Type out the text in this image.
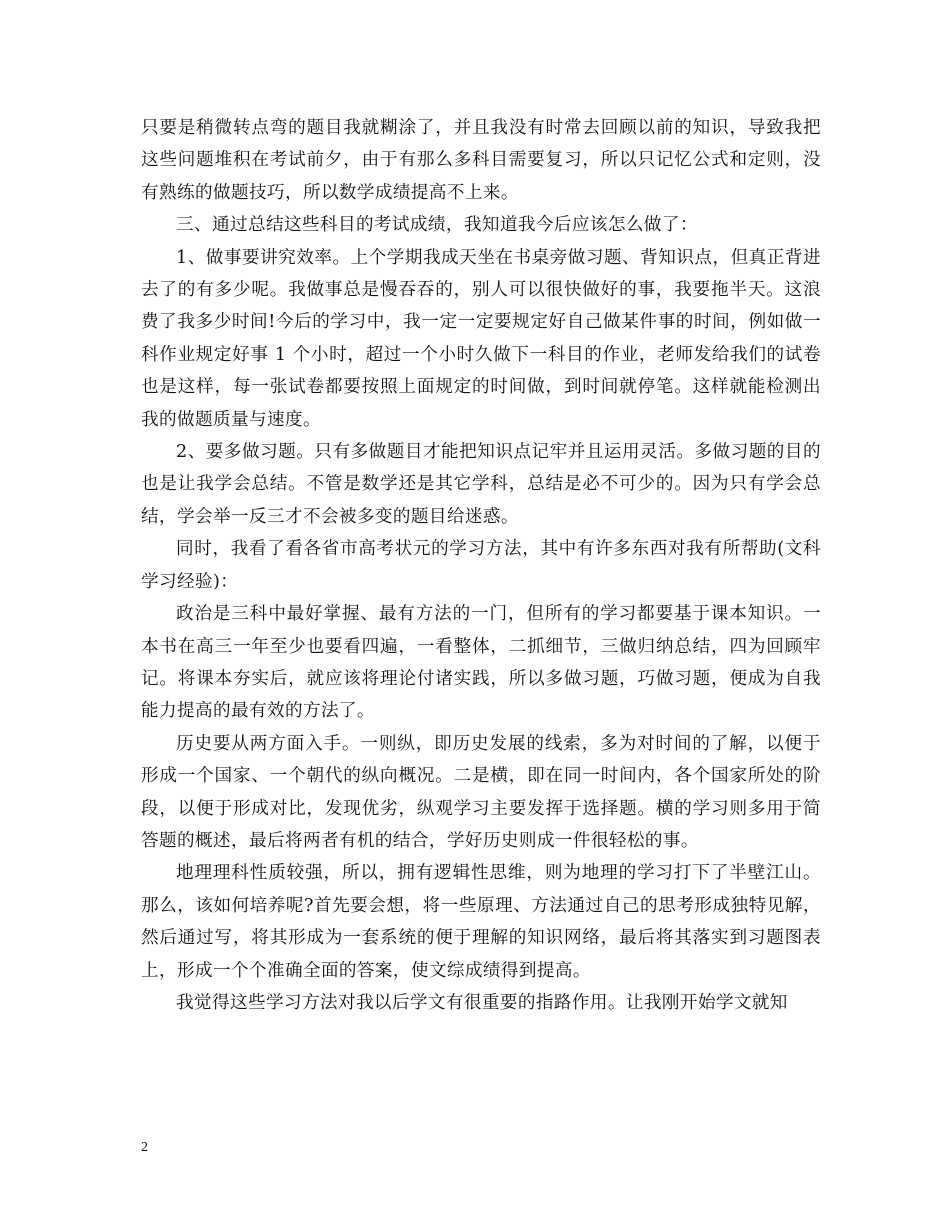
只要是稍微转点弯的题目我就糊涂了，并且我没有时常去回顾以前的知识，导致我把这些问题堆积在考试前夕，由于有那么多科目需要复习，所以只记忆公式和定则，没有熟练的做题技巧，所以数学成绩提高不上来。

三、通过总结这些科目的考试成绩，我知道我今后应该怎么做了：

1、做事要讲究效率。上个学期我成天坐在书桌旁做习题、背知识点，但真正背进去了的有多少呢。我做事总是慢吞吞的，别人可以很快做好的事，我要拖半天。这浪费了我多少时间!今后的学习中，我一定一定要规定好自己做某件事的时间，例如做一科作业规定好事 1 个小时，超过一个小时久做下一科目的作业，老师发给我们的试卷也是这样，每一张试卷都要按照上面规定的时间做，到时间就停笔。这样就能检测出我的做题质量与速度。

2、要多做习题。只有多做题目才能把知识点记牢并且运用灵活。多做习题的目的也是让我学会总结。不管是数学还是其它学科，总结是必不可少的。因为只有学会总结，学会举一反三才不会被多变的题目给迷惑。

同时，我看了看各省市高考状元的学习方法，其中有许多东西对我有所帮助(文科学习经验)：

政治是三科中最好掌握、最有方法的一门，但所有的学习都要基于课本知识。一本书在高三一年至少也要看四遍，一看整体，二抓细节，三做归纳总结，四为回顾牢记。将课本夯实后，就应该将理论付诸实践，所以多做习题，巧做习题，便成为自我能力提高的最有效的方法了。

历史要从两方面入手。一则纵，即历史发展的线索，多为对时间的了解，以便于形成一个国家、一个朝代的纵向概况。二是横，即在同一时间内，各个国家所处的阶段，以便于形成对比，发现优劣，纵观学习主要发挥于选择题。横的学习则多用于简答题的概述，最后将两者有机的结合，学好历史则成一件很轻松的事。

地理理科性质较强，所以，拥有逻辑性思维，则为地理的学习打下了半壁江山。那么，该如何培养呢?首先要会想，将一些原理、方法通过自己的思考形成独特见解，然后通过写，将其形成为一套系统的便于理解的知识网络，最后将其落实到习题图表上，形成一个个准确全面的答案，使文综成绩得到提高。

我觉得这些学习方法对我以后学文有很重要的指路作用。让我刚开始学文就知

2
